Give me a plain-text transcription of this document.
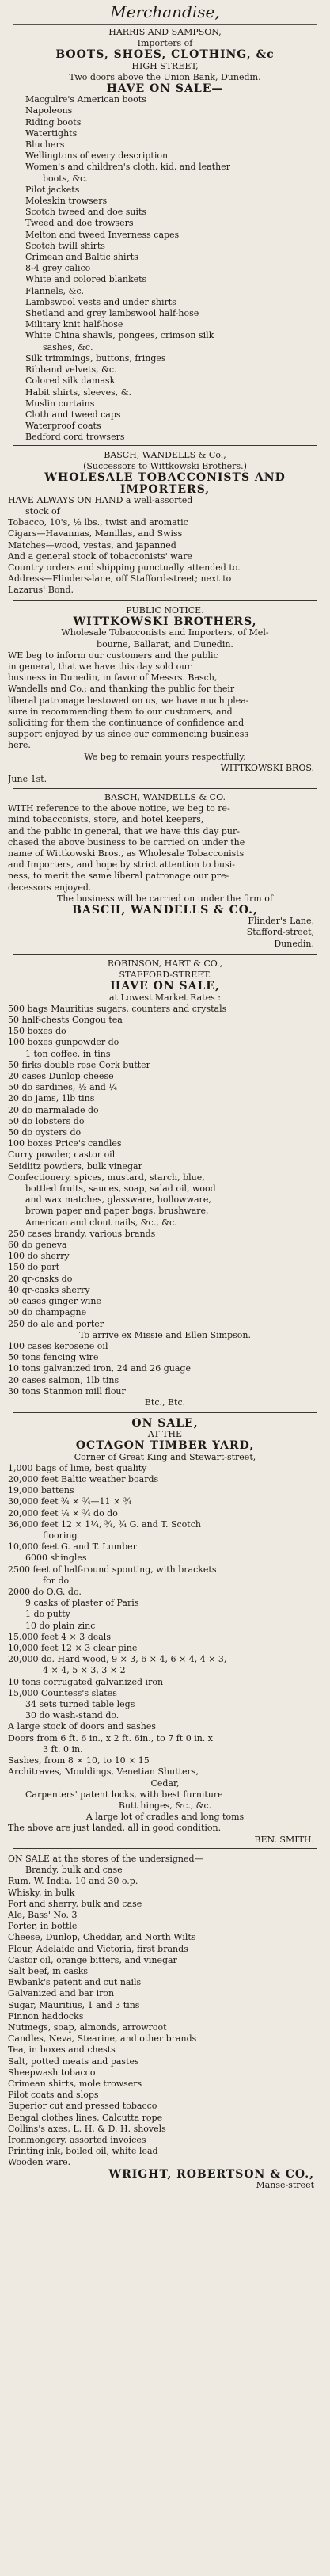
Merchandise,
HARRIS AND SAMPSON,
Importers of
BOOTS, SHOES, CLOTHING, &c
HIGH STREET,
Two doors above the Union Bank, Dunedin.
HAVE ON SALE—
Macgulre's American boots
Napoleons
Riding boots
Watertights
Bluchers
Wellingtons of every description
Women's and children's cloth, kid, and leather
boots, &c.
Pilot jackets
Moleskin trowsers
Scotch tweed and doe suits
Tweed and doe trowsers
Melton and tweed Inverness capes
Scotch twill shirts
Crimean and Baltic shirts
8-4 grey calico
White and colored blankets
Flannels, &c.
Lambswool vests and under shirts
Shetland and grey lambswool half-hose
Military knit half-hose
White China shawls, pongees, crimson silk
sashes, &c.
Silk trimmings, buttons, fringes
Ribband velvets, &c.
Colored silk damask
Habit shirts, sleeves, &.
Muslin curtains
Cloth and tweed caps
Waterproof coats
Bedford cord trowsers
BASCH, WANDELLS & Co.,
(Successors to Wittkowski Brothers.)
WHOLESALE TOBACCONISTS AND
IMPORTERS,
HAVE ALWAYS ON HAND a well-assorted
stock of
Tobacco, 10's, ½ lbs., twist and aromatic
Cigars—Havannas, Manillas, and Swiss
Matches—wood, vestas, and japanned
And a general stock of tobacconists' ware
Country orders and shipping punctually attended to.
Address—Flinders-lane, off Stafford-street; next to
Lazarus' Bond.
PUBLIC NOTICE.
WITTKOWSKI BROTHERS,
Wholesale Tobacconists and Importers, of Mel-
bourne, Ballarat, and Dunedin.
WE beg to inform our customers and the public
in general, that we have this day sold our
business in Dunedin, in favor of Messrs. Basch,
Wandells and Co.; and thanking the public for their
liberal patronage bestowed on us, we have much plea-
sure in recommending them to our customers, and
soliciting for them the continuance of confidence and
support enjoyed by us since our commencing business
here.
We beg to remain yours respectfully,
WITTKOWSKI BROS.
June 1st.
BASCH, WANDELLS & CO.
WITH reference to the above notice, we beg to re-
mind tobacconists, store, and hotel keepers,
and the public in general, that we have this day pur-
chased the above business to be carried on under the
name of Wittkowski Bros., as Wholesale Tobacconists
and Importers, and hope by strict attention to busi-
ness, to merit the same liberal patronage our pre-
decessors enjoyed.
The business will be carried on under the firm of
BASCH, WANDELLS & CO.,
Flinder's Lane,
Stafford-street,
Dunedin.
ROBINSON, HART & CO.,
STAFFORD-STREET.
HAVE ON SALE,
at Lowest Market Rates :
500 bags Mauritius sugars, counters and crystals
50 half-chests Congou tea
150 boxes do
100 boxes gunpowder do
1 ton coffee, in tins
50 firks double rose Cork butter
20 cases Dunlop cheese
50 do sardines, ½ and ¼
20 do jams, 1lb tins
20 do marmalade do
50 do lobsters do
50 do oysters do
100 boxes Price's candles
Curry powder, castor oil
Seidlitz powders, bulk vinegar
Confectionery, spices, mustard, starch, blue,
bottled fruits, sauces, soap, salad oil, wood
and wax matches, glassware, hollowware,
brown paper and paper bags, brushware,
American and clout nails, &c., &c.
250 cases brandy, various brands
60 do geneva
100 do sherry
150 do port
20 qr-casks do
40 qr-casks sherry
50 cases ginger wine
50 do champagne
250 do ale and porter
To arrive ex Missie and Ellen Simpson.
100 cases kerosene oil
50 tons fencing wire
10 tons galvanized iron, 24 and 26 guage
20 cases salmon, 1lb tins
30 tons Stanmon mill flour
Etc., Etc.
ON SALE,
AT THE
OCTAGON TIMBER YARD,
Corner of Great King and Stewart-street,
1,000 bags of lime, best quality
20,000 feet Baltic weather boards
19,000 battens
30,000 feet ¾ × ¾—11 × ¾
20,000 feet ¼ × ¾ do do
36,000 feet 12 × 1¼, ¾, ¾ G. and T. Scotch
flooring
10,000 feet G. and T. Lumber
6000 shingles
2500 feet of half-round spouting, with brackets
for do
2000 do O.G. do.
9 casks of plaster of Paris
1 do putty
10 do plain zinc
15,000 feet 4 × 3 deals
10,000 feet 12 × 3 clear pine
20,000 do. Hard wood, 9 × 3, 6 × 4, 6 × 4, 4 × 3,
4 × 4, 5 × 3, 3 × 2
10 tons corrugated galvanized iron
15,000 Countess's slates
34 sets turned table legs
30 do wash-stand do.
A large stock of doors and sashes
Doors from 6 ft. 6 in., x 2 ft. 6in., to 7 ft 0 in. x
3 ft. 0 in.
Sashes, from 8 × 10, to 10 × 15
Architraves, Mouldings, Venetian Shutters,
Cedar,
Carpenters' patent locks, with best furniture
Butt hinges, &c., &c.
A large lot of cradles and long toms
The above are just landed, all in good condition.
BEN. SMITH.
ON SALE at the stores of the undersigned—
Brandy, bulk and case
Rum, W. India, 10 and 30 o.p.
Whisky, in bulk
Port and sherry, bulk and case
Ale, Bass' No. 3
Porter, in bottle
Cheese, Dunlop, Cheddar, and North Wilts
Flour, Adelaide and Victoria, first brands
Castor oil, orange bitters, and vinegar
Salt beef, in casks
Ewbank's patent and cut nails
Galvanized and bar iron
Sugar, Mauritius, 1 and 3 tins
Finnon haddocks
Nutmegs, soap, almonds, arrowroot
Candles, Neva, Stearine, and other brands
Tea, in boxes and chests
Salt, potted meats and pastes
Sheepwash tobacco
Crimean shirts, mole trowsers
Pilot coats and slops
Superior cut and pressed tobacco
Bengal clothes lines, Calcutta rope
Collins's axes, L. H. & D. H. shovels
Ironmongery, assorted invoices
Printing ink, boiled oil, white lead
Wooden ware.
WRIGHT, ROBERTSON & CO.,
Manse-street
